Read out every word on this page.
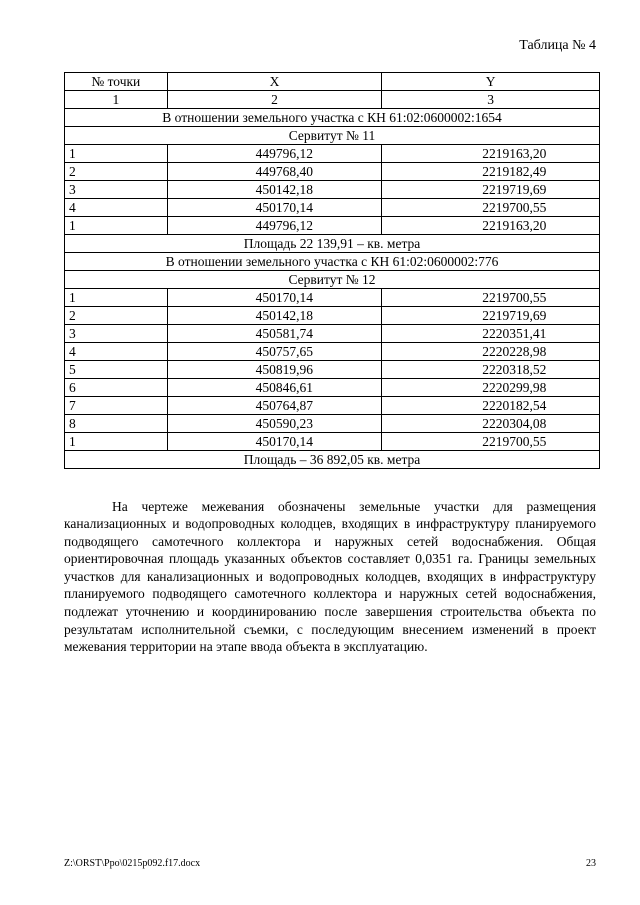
Таблица № 4
№ точки	X	Y
1	2	3
В отношении земельного участка с КН 61:02:0600002:1654		
Сервитут № 11		
1	449796,12	2219163,20
2	449768,40	2219182,49
3	450142,18	2219719,69
4	450170,14	2219700,55
1	449796,12	2219163,20
Площадь 22 139,91 – кв. метра		
В отношении земельного участка с КН 61:02:0600002:776		
Сервитут № 12		
1	450170,14	2219700,55
2	450142,18	2219719,69
3	450581,74	2220351,41
4	450757,65	2220228,98
5	450819,96	2220318,52
6	450846,61	2220299,98
7	450764,87	2220182,54
8	450590,23	2220304,08
1	450170,14	2219700,55
Площадь – 36 892,05 кв. метра		

На чертеже межевания обозначены земельные участки для размещения канализационных и водопроводных колодцев, входящих в инфраструктуру планируемого подводящего самотечного коллектора и наружных сетей водоснабжения. Общая ориентировочная площадь указанных объектов составляет 0,0351 га. Границы земельных участков для канализационных и водопроводных колодцев, входящих в инфраструктуру планируемого подводящего самотечного коллектора и наружных сетей водоснабжения, подлежат уточнению и координированию после завершения строительства объекта по результатам исполнительной съемки, с последующим внесением изменений в проект межевания территории на этапе ввода объекта в эксплуатацию.

Z:\ORST\Ppo\0215p092.f17.docx	23
